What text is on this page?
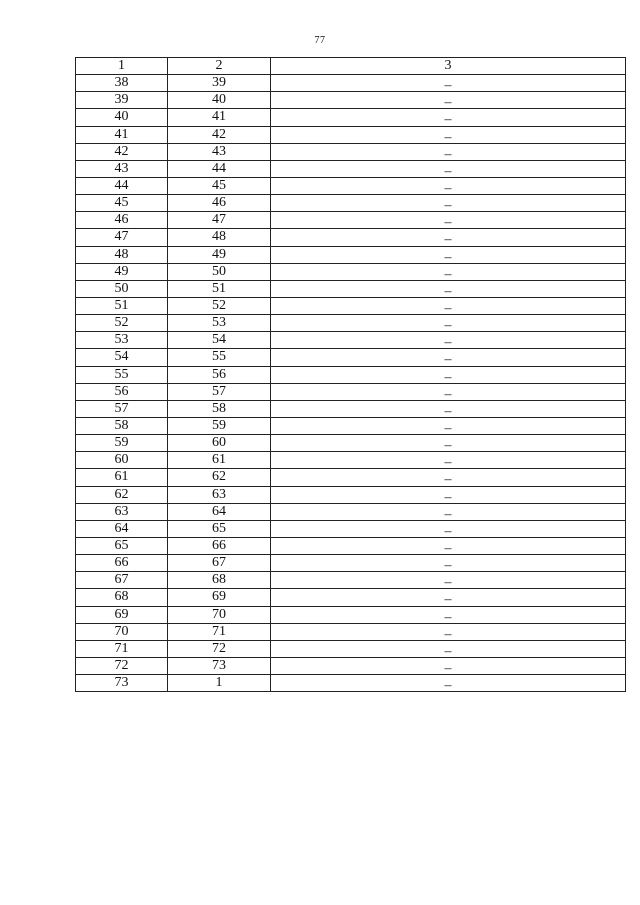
77
1	2	3
38	39	–
39	40	–
40	41	–
41	42	–
42	43	–
43	44	–
44	45	–
45	46	–
46	47	–
47	48	–
48	49	–
49	50	–
50	51	–
51	52	–
52	53	–
53	54	–
54	55	–
55	56	–
56	57	–
57	58	–
58	59	–
59	60	–
60	61	–
61	62	–
62	63	–
63	64	–
64	65	–
65	66	–
66	67	–
67	68	–
68	69	–
69	70	–
70	71	–
71	72	–
72	73	–
73	1	–
